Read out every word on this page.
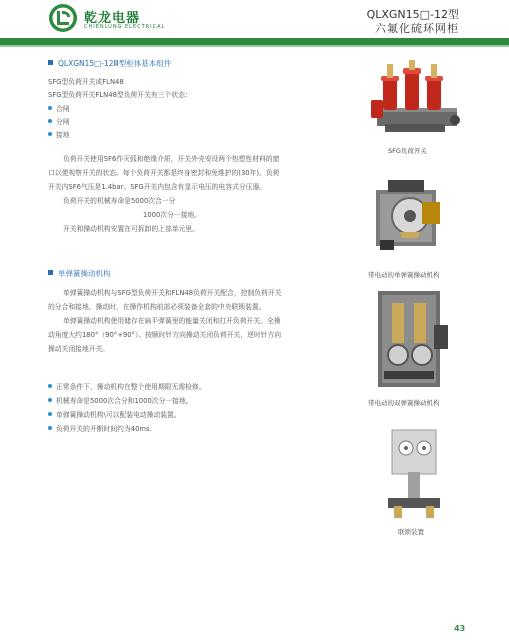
乾龙电器
CHIENLUNG ELECTRICAL
QLXGN15□-12型
六氟化硫环网柜
QLXGN15□-12Ⅲ型柜体基本组件
SFG型负荷开关或FLN48
SFG型负荷开关FLN48型负荷开关有三个状态：
合闸
分闸
接地
负荷开关使用SF6作灭弧和绝缘介质，开关外壳安设两个热塑性材料的窗
口以便观察开关的状态。每个负荷开关都是终身密封和免维护的(30年)。负荷
开关内SF6气压是1.4bar。SFG开关内包含有显示电压的电容式分压器。
负荷开关的机械寿命是5000次合一分
1000次分一接地。
开关和操动机构安置在可拆卸的上部单元里。
单弹簧操动机构
单弹簧操动机构与SFG型负荷开关和FLN48负荷开关配合，控制负荷开关
的分合和接地。操动时，在操作机构前部必须装备全套的中央联锁装置。
单弹簧操动机构使用储存在扁平弹簧里的能量关闭和打开负荷开关。全操
动角度大约180°（90°+90°）。按顺时针方向操动关闭负荷开关，逆时针方向
操动关闭接地开关。
正常条件下，操动机构在整个使用期限无需检修。
机械寿命是5000次合分和1000次分一接地。
单弹簧操动机构\可以配装电动操动装置。
负荷开关的开断时间约为40ms.
SFG负荷开关
带电动的单弹簧操动机构
带电动的双弹簧操动机构
联锁装置
43
